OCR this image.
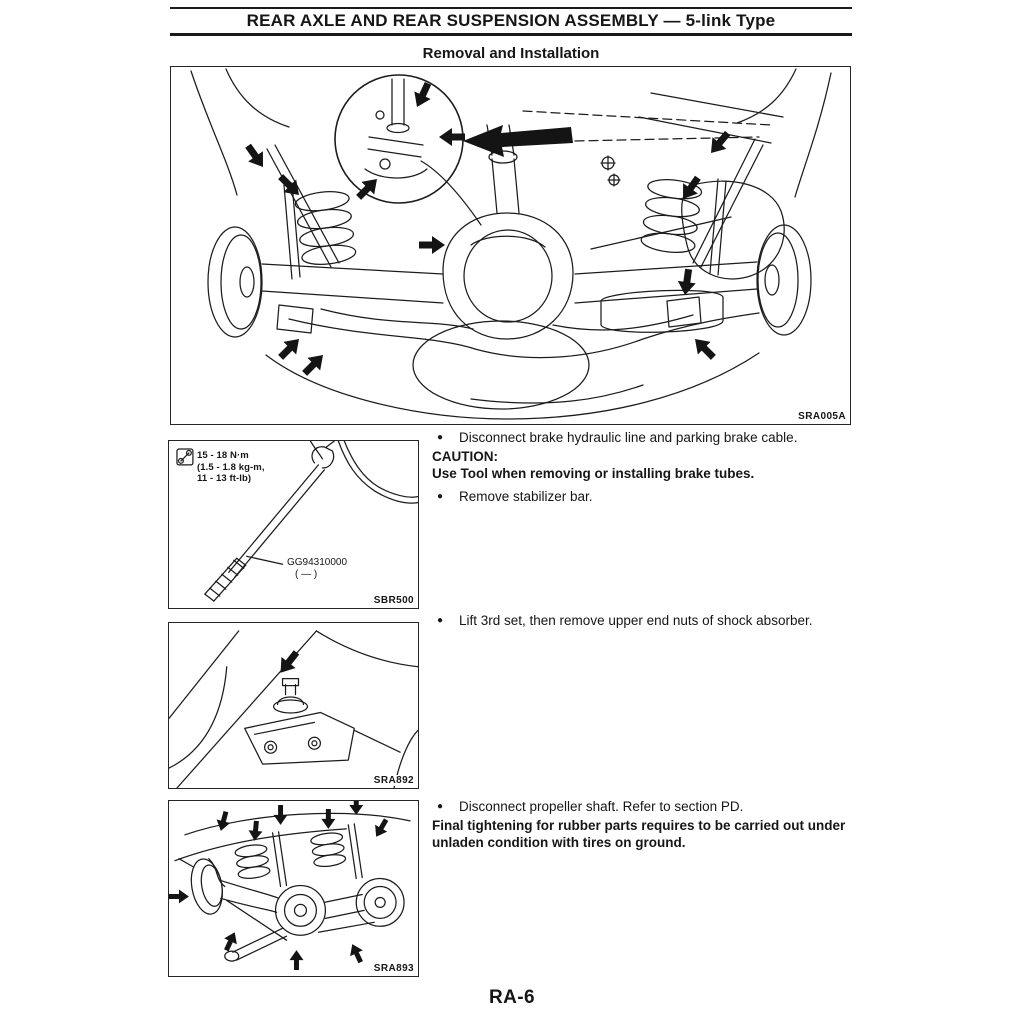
REAR AXLE AND REAR SUSPENSION ASSEMBLY — 5-link Type
Removal and Installation
SRA005A
15 - 18 N·m
(1.5 - 1.8 kg-m,
11 - 13 ft-lb)
GG94310000
( — )
SBR500
SRA892
SRA893

●	Disconnect brake hydraulic line and parking brake cable.

CAUTION:

Use Tool when removing or installing brake tubes.

●	Remove stabilizer bar.

●	Lift 3rd set, then remove upper end nuts of shock absorber.

●	Disconnect propeller shaft. Refer to section PD.

Final tightening for rubber parts requires to be carried out under unladen condition with tires on ground.

RA-6
